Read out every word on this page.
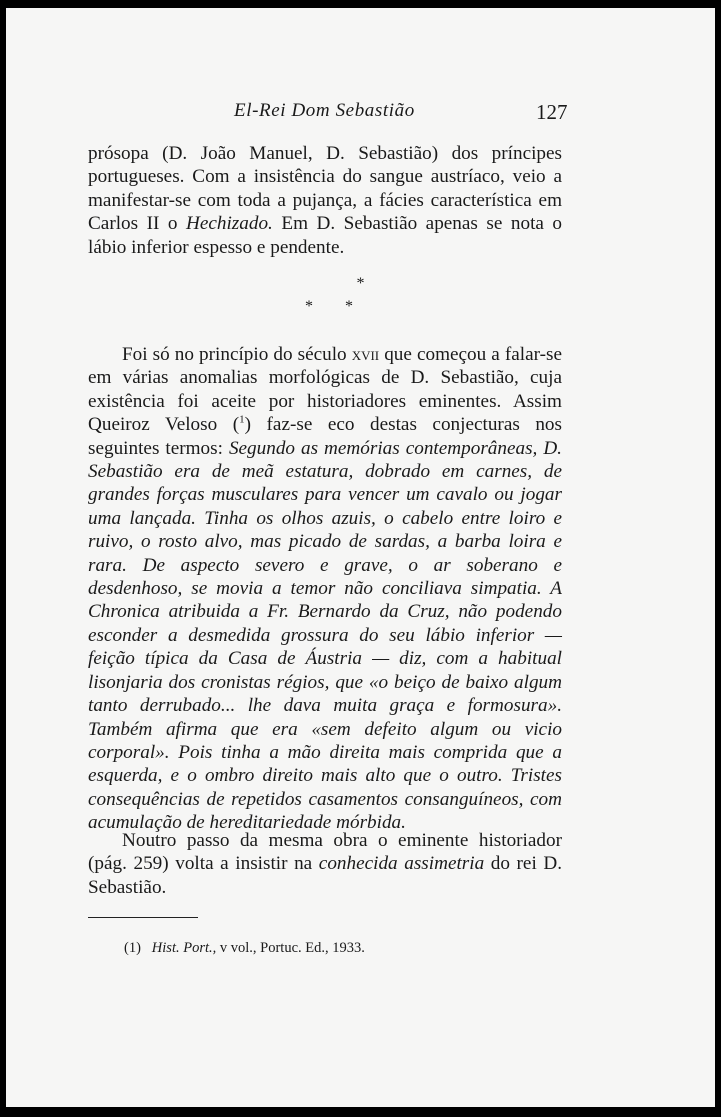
El-Rei Dom Sebastião	127

prósopa (D. João Manuel, D. Sebastião) dos príncipes portugueses. Com a insistência do sangue austríaco, veio a manifestar-se com toda a pujança, a fácies característica em Carlos II o Hechizado. Em D. Sebastião apenas se nota o lábio inferior espesso e pendente.

*
* *

Foi só no princípio do século xvii que começou a falar-se em várias anomalias morfológicas de D. Sebastião, cuja existência foi aceite por historiadores eminentes. Assim Queiroz Veloso ($^1$) faz-se eco destas conjecturas nos seguintes termos: Segundo as memórias contemporâneas, D. Sebastião era de meã estatura, dobrado em carnes, de grandes forças musculares para vencer um cavalo ou jogar uma lançada. Tinha os olhos azuis, o cabelo entre loiro e ruivo, o rosto alvo, mas picado de sardas, a barba loira e rara. De aspecto severo e grave, o ar soberano e desdenhoso, se movia a temor não conciliava simpatia. A Chronica atribuida a Fr. Bernardo da Cruz, não podendo esconder a desmedida grossura do seu lábio inferior — feição típica da Casa de Áustria — diz, com a habitual lisonjaria dos cronistas régios, que «o beiço de baixo algum tanto derrubado... lhe dava muita graça e formosura». Também afirma que era «sem defeito algum ou vicio corporal». Pois tinha a mão direita mais comprida que a esquerda, e o ombro direito mais alto que o outro. Tristes consequências de repetidos casamentos consanguíneos, com acumulação de hereditariedade mórbida.

Noutro passo da mesma obra o eminente historiador (pág. 259) volta a insistir na conhecida assimetria do rei D. Sebastião.

(1) Hist. Port., v vol., Portuc. Ed., 1933.
